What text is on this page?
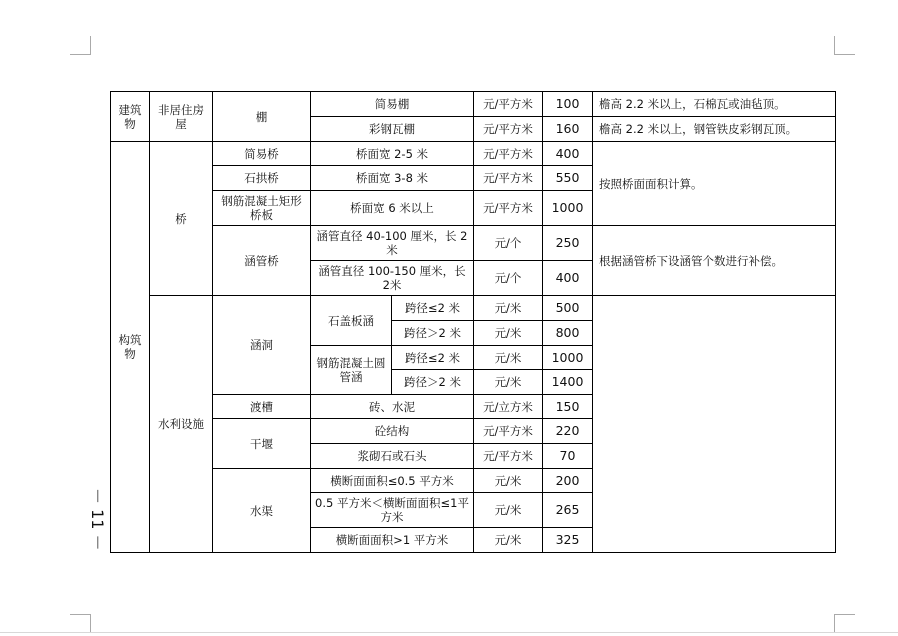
－ 11 －
建筑物	非居住房屋	棚	简易棚		元/平方米	100	檐高 2.2 米以上，石棉瓦或油毡顶。
			彩钢瓦棚		元/平方米	160	檐高 2.2 米以上，钢管铁皮彩钢瓦顶。
构筑物	桥	简易桥	桥面宽 2-5 米		元/平方米	400	按照桥面面积计算。
		石拱桥	桥面宽 3-8 米		元/平方米	550	
		钢筋混凝土矩形桥板	桥面宽 6 米以上		元/平方米	1000	
		涵管桥	涵管直径 40-100 厘米，长 2米		元/个	250	根据涵管桥下设涵管个数进行补偿。
			涵管直径 100-150 厘米，长2米		元/个	400	
	水利设施	涵洞	石盖板涵	跨径≤2 米	元/米	500	
				跨径＞2 米	元/米	800	
			钢筋混凝土圆管涵	跨径≤2 米	元/米	1000	
				跨径＞2 米	元/米	1400	
		渡槽	砖、水泥		元/立方米	150	
		干堰	砼结构		元/平方米	220	
			浆砌石或石头		元/平方米	70	
		水渠	横断面面积≤0.5 平方米		元/米	200	
			0.5 平方米＜横断面面积≤1平方米		元/米	265	
			横断面面积>1 平方米		元/米	325	
